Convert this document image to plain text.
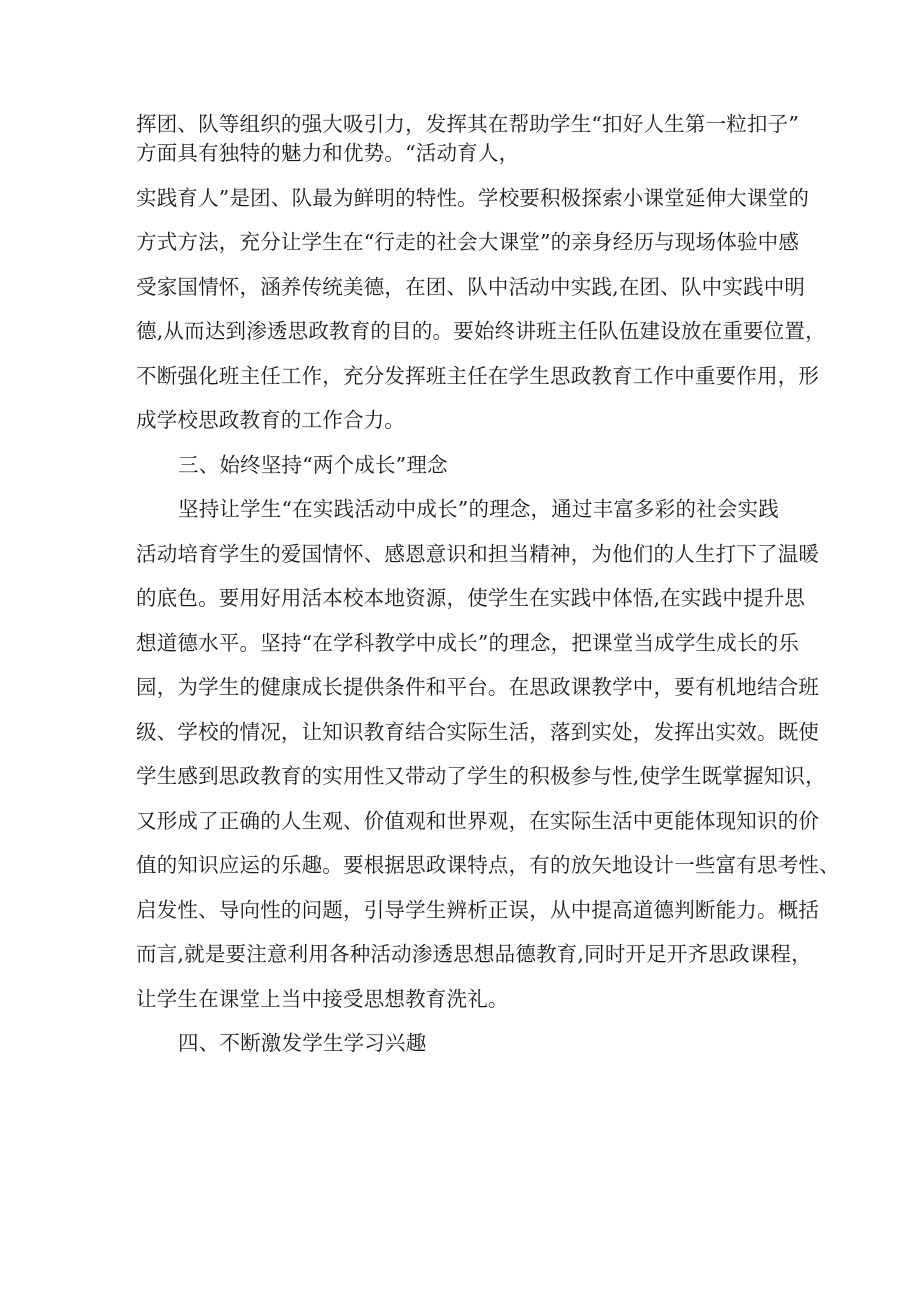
挥团、队等组织的强大吸引力，发挥其在帮助学生“扣好人生第一粒扣子”
方面具有独特的魅力和优势。“活动育人，
实践育人”是团、队最为鲜明的特性。学校要积极探索小课堂延伸大课堂的
方式方法，充分让学生在“行走的社会大课堂”的亲身经历与现场体验中感
受家国情怀，涵养传统美德，在团、队中活动中实践,在团、队中实践中明
德,从而达到渗透思政教育的目的。要始终讲班主任队伍建设放在重要位置，
不断强化班主任工作，充分发挥班主任在学生思政教育工作中重要作用，形
成学校思政教育的工作合力。
三、始终坚持“两个成长”理念
坚持让学生“在实践活动中成长”的理念，通过丰富多彩的社会实践
活动培育学生的爱国情怀、感恩意识和担当精神，为他们的人生打下了温暖
的底色。要用好用活本校本地资源，使学生在实践中体悟,在实践中提升思
想道德水平。坚持“在学科教学中成长”的理念，把课堂当成学生成长的乐
园，为学生的健康成长提供条件和平台。在思政课教学中，要有机地结合班
级、学校的情况，让知识教育结合实际生活，落到实处，发挥出实效。既使
学生感到思政教育的实用性又带动了学生的积极参与性,使学生既掌握知识，
又形成了正确的人生观、价值观和世界观，在实际生活中更能体现知识的价
值的知识应运的乐趣。要根据思政课特点，有的放矢地设计一些富有思考性、
启发性、导向性的问题，引导学生辨析正误，从中提高道德判断能力。概括
而言,就是要注意利用各种活动渗透思想品德教育,同时开足开齐思政课程，
让学生在课堂上当中接受思想教育洗礼。
四、不断激发学生学习兴趣
